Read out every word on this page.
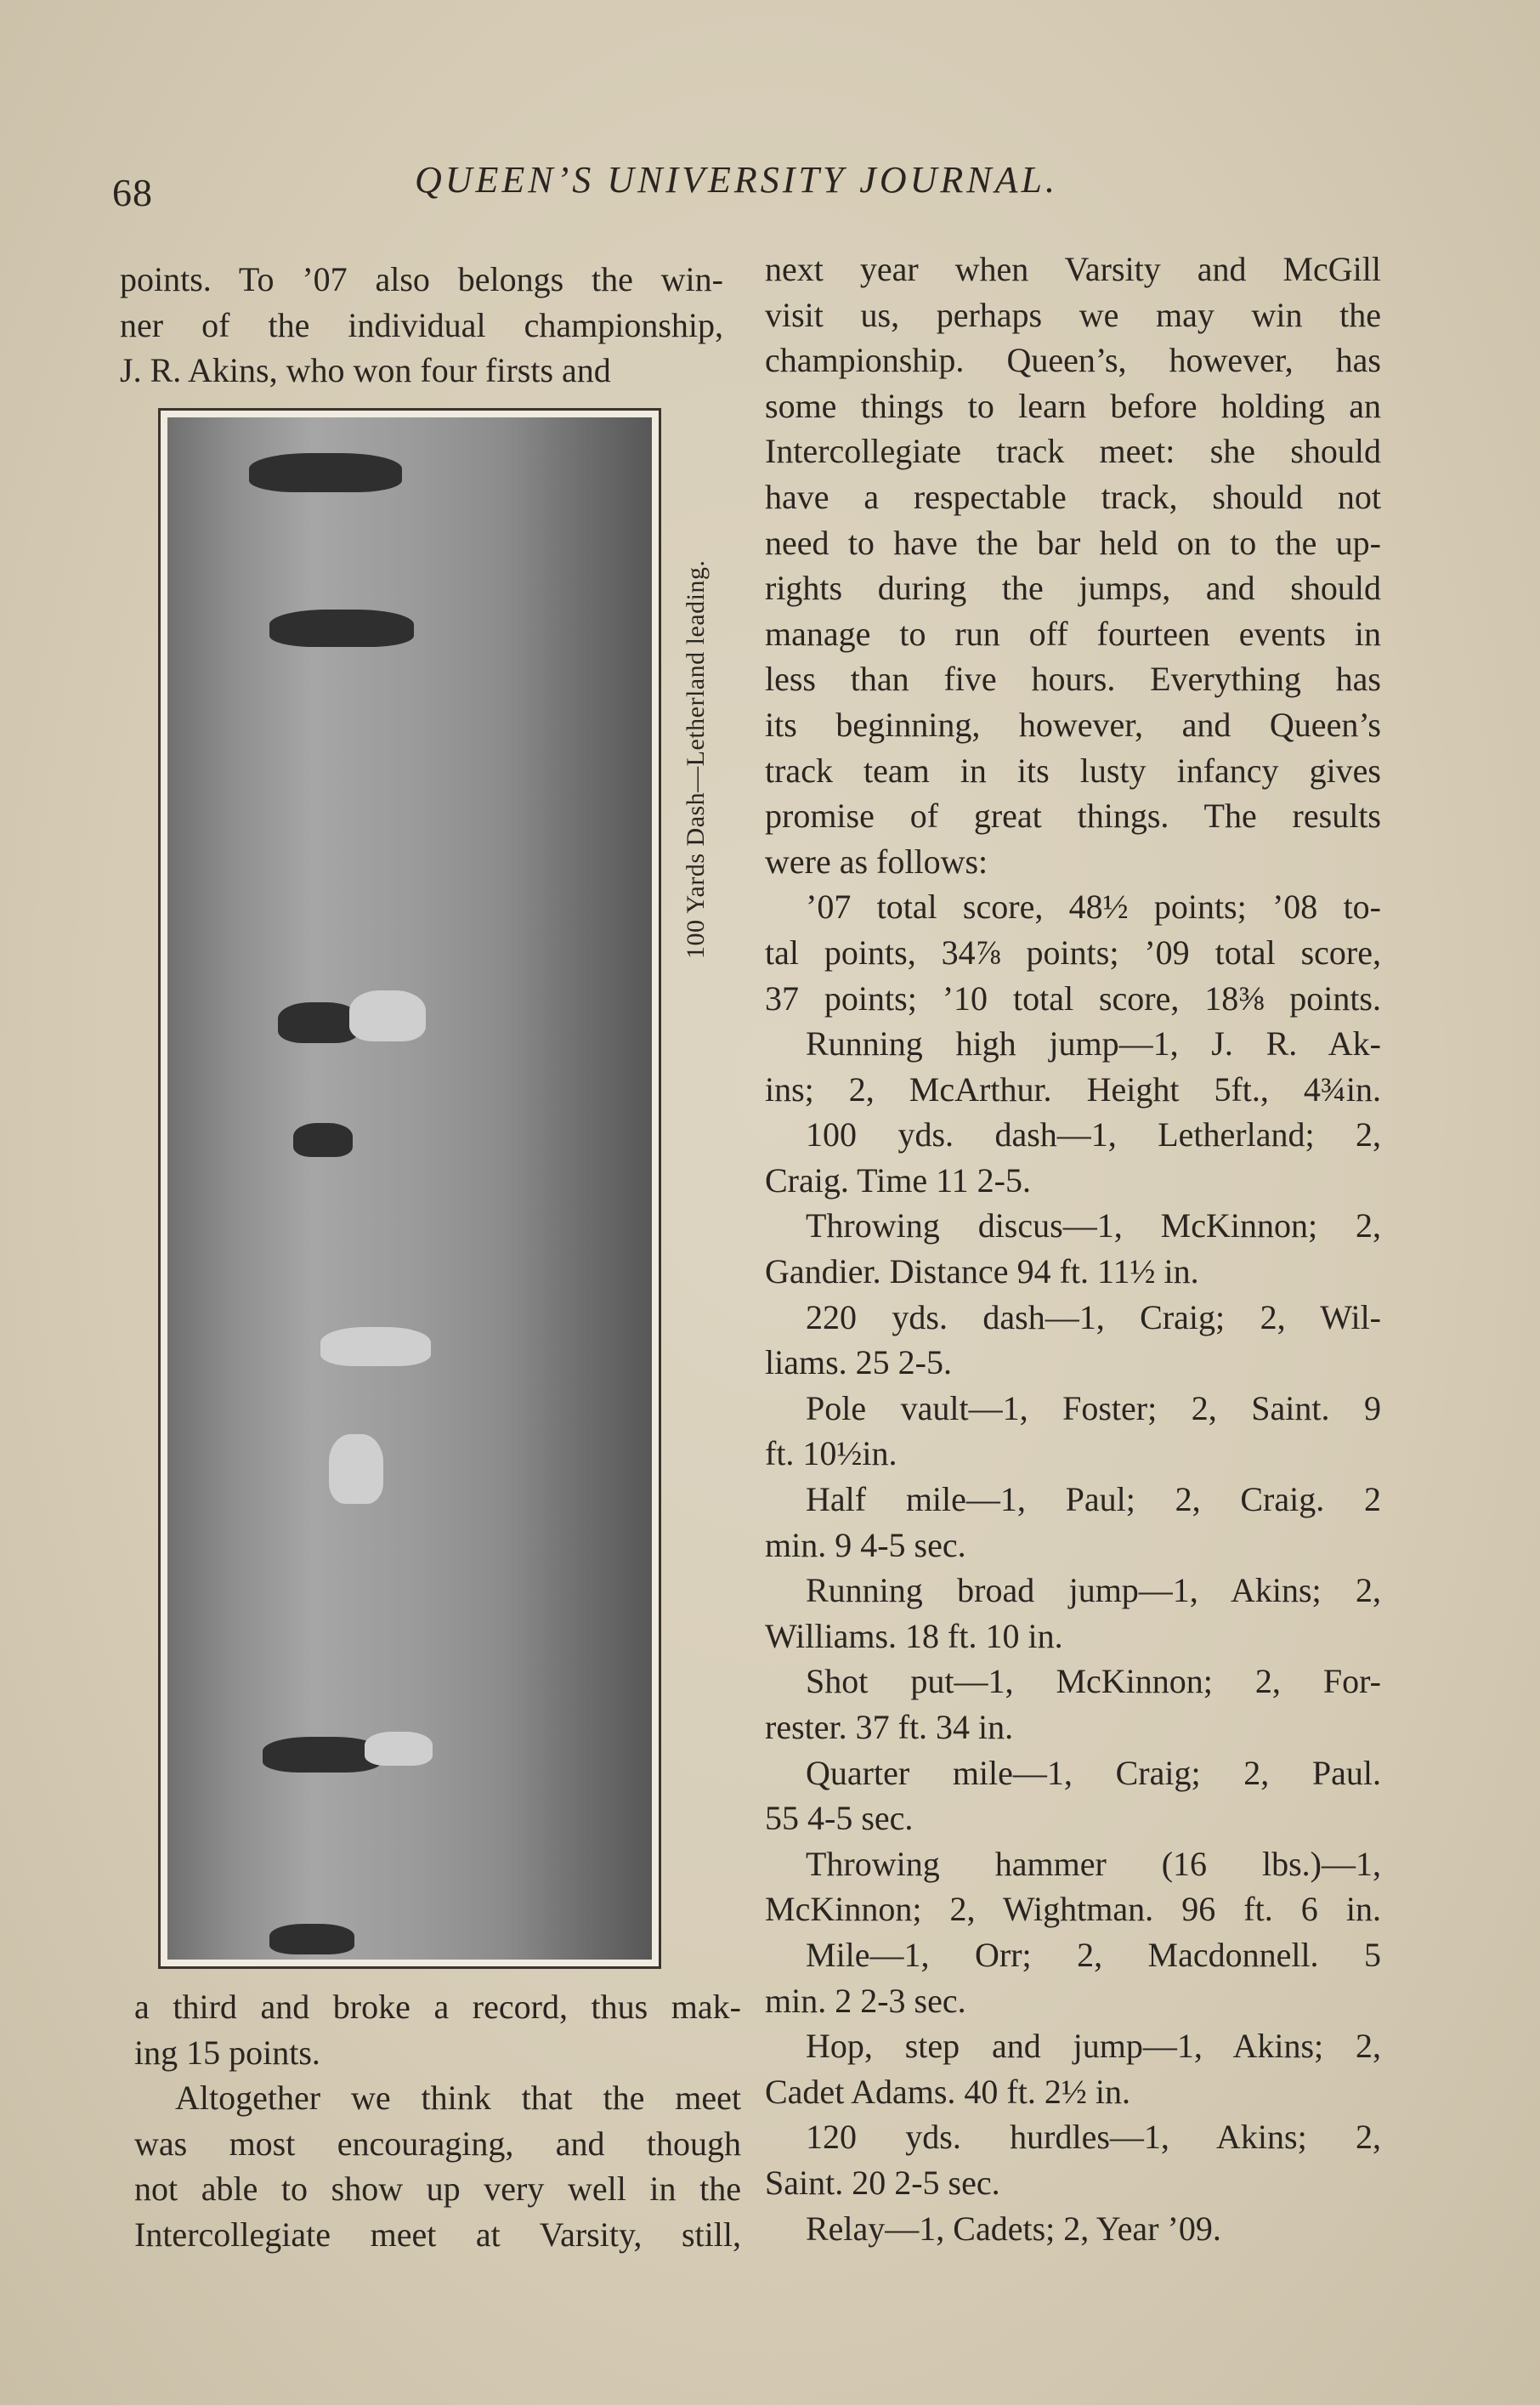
68	QUEEN’S UNIVERSITY JOURNAL.

points. To ’07 also belongs the win-

ner of the individual championship,

J. R. Akins, who won four firsts and

100 Yards Dash—Letherland leading.

a third and broke a record, thus mak-

ing 15 points.

Altogether we think that the meet

was most encouraging, and though

not able to show up very well in the

Intercollegiate meet at Varsity, still,

next year when Varsity and McGill

visit us, perhaps we may win the

championship. Queen’s, however, has

some things to learn before holding an

Intercollegiate track meet: she should

have a respectable track, should not

need to have the bar held on to the up-

rights during the jumps, and should

manage to run off fourteen events in

less than five hours. Everything has

its beginning, however, and Queen’s

track team in its lusty infancy gives

promise of great things. The results

were as follows:

’07 total score, 48½ points; ’08 to-

tal points, 34⅞ points; ’09 total score,

37 points; ’10 total score, 18⅜ points.

Running high jump—1, J. R. Ak-

ins; 2, McArthur. Height 5ft., 4¾in.

100 yds. dash—1, Letherland; 2,

Craig. Time 11 2-5.

Throwing discus—1, McKinnon; 2,

Gandier. Distance 94 ft. 11½ in.

220 yds. dash—1, Craig; 2, Wil-

liams. 25 2-5.

Pole vault—1, Foster; 2, Saint. 9

ft. 10½in.

Half mile—1, Paul; 2, Craig. 2

min. 9 4-5 sec.

Running broad jump—1, Akins; 2,

Williams. 18 ft. 10 in.

Shot put—1, McKinnon; 2, For-

rester. 37 ft. 34 in.

Quarter mile—1, Craig; 2, Paul.

55 4-5 sec.

Throwing hammer (16 lbs.)—1,

McKinnon; 2, Wightman. 96 ft. 6 in.

Mile—1, Orr; 2, Macdonnell. 5

min. 2 2-3 sec.

Hop, step and jump—1, Akins; 2,

Cadet Adams. 40 ft. 2½ in.

120 yds. hurdles—1, Akins; 2,

Saint. 20 2-5 sec.

Relay—1, Cadets; 2, Year ’09.
